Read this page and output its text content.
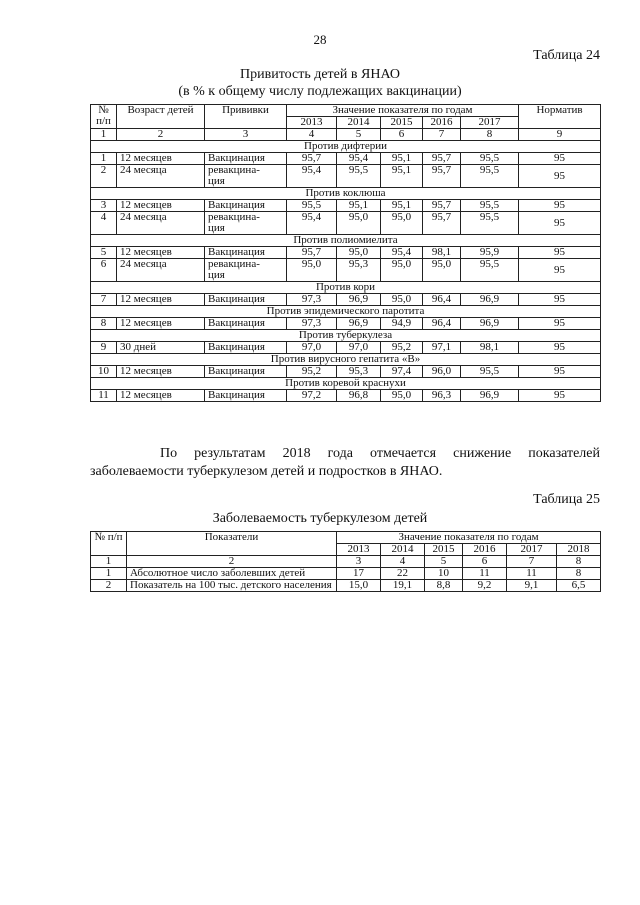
28
Таблица 24
Привитость детей в ЯНАО
(в % к общему числу подлежащих вакцинации)
№ п/п	Возраст детей	Прививки	Значение показателя по годам					Норматив
			2013	2014	2015	2016	2017	
1	2	3	4	5	6	7	8	9
Против дифтерии								
1	12 месяцев	Вакцинация	95,7	95,4	95,1	95,7	95,5	95
2	24 месяца	ревакцина-
ция	95,4	95,5	95,1	95,7	95,5	95
Против коклюша								
3	12 месяцев	Вакцинация	95,5	95,1	95,1	95,7	95,5	95
4	24 месяца	ревакцина-
ция	95,4	95,0	95,0	95,7	95,5	95
Против полиомиелита								
5	12 месяцев	Вакцинация	95,7	95,0	95,4	98,1	95,9	95
6	24 месяца	ревакцина-
ция	95,0	95,3	95,0	95,0	95,5	95
Против кори								
7	12 месяцев	Вакцинация	97,3	96,9	95,0	96,4	96,9	95
Против эпидемического паротита								
8	12 месяцев	Вакцинация	97,3	96,9	94,9	96,4	96,9	95
Против туберкулеза								
9	30 дней	Вакцинация	97,0	97,0	95,2	97,1	98,1	95
Против вирусного гепатита «В»								
10	12 месяцев	Вакцинация	95,2	95,3	97,4	96,0	95,5	95
Против коревой краснухи								
11	12 месяцев	Вакцинация	97,2	96,8	95,0	96,3	96,9	95
По результатам 2018 года отмечается снижение показателей
заболеваемости туберкулезом детей и подростков в ЯНАО.
Таблица 25
Заболеваемость туберкулезом детей
№ п/п	Показатели	Значение показателя по годам					
		2013	2014	2015	2016	2017	2018
1	2	3	4	5	6	7	8
1	Абсолютное число заболевших детей	17	22	10	11	11	8
2	Показатель на 100 тыс. детского населения	15,0	19,1	8,8	9,2	9,1	6,5
